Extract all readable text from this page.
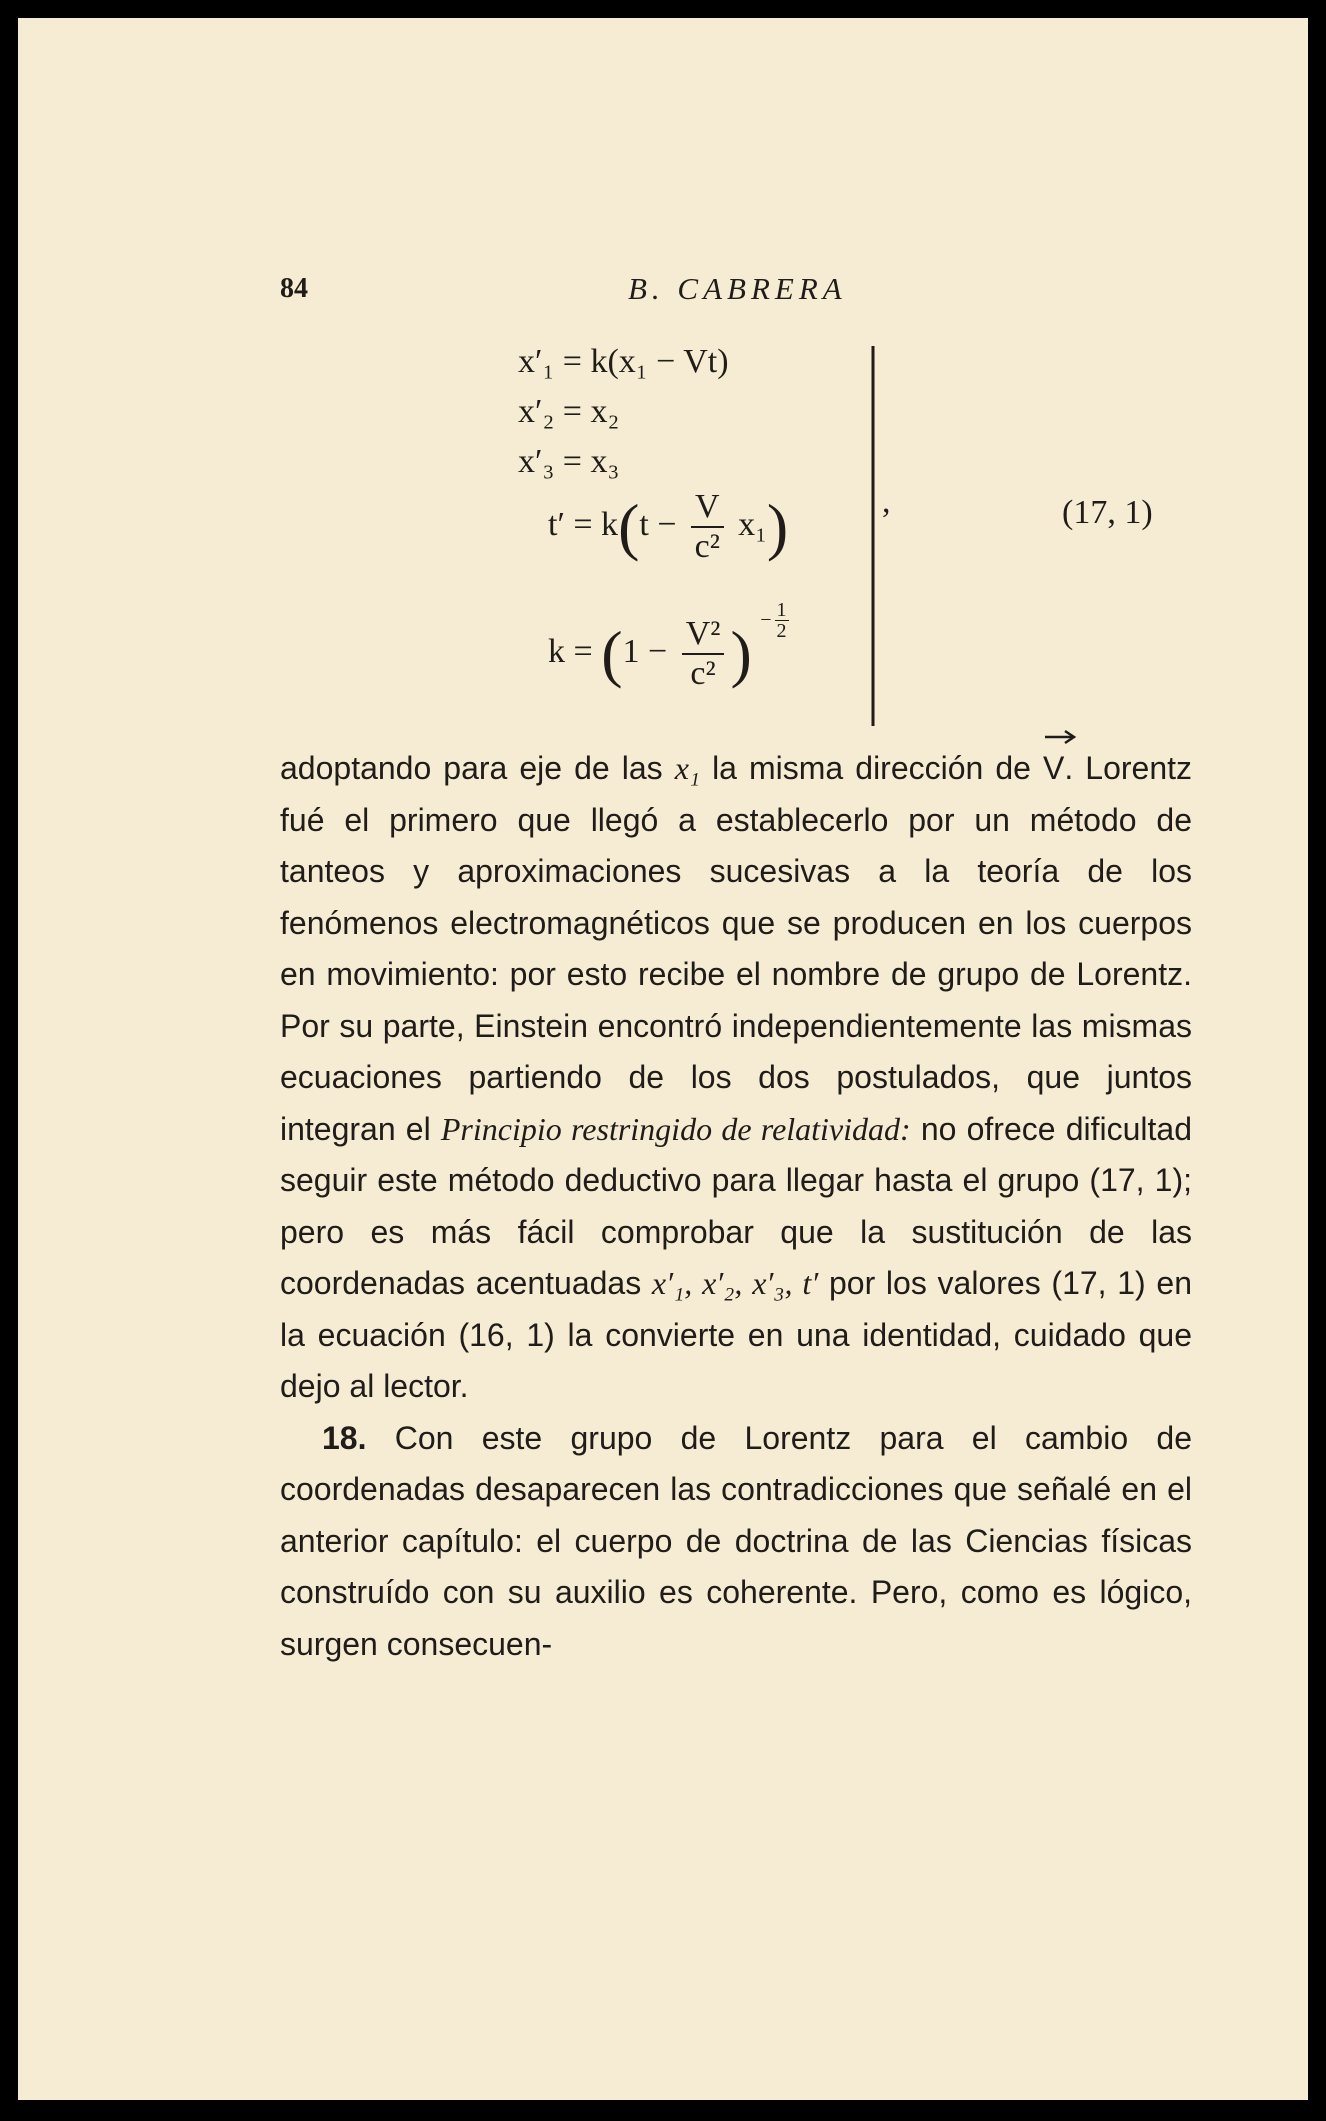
84	B. CABRERA
x′₁ = k(x₁ − Vt)
x′₂ = x₂
x′₃ = x₃
$t' = k(t - \frac{V}{\text{c²}} x_1)$
$k = (1 - \frac{\text{V²}}{\text{c²}}$ ) − $\frac{1}{2}$
,	(17, 1)

adoptando para eje de las x₁ la misma dirección de
V. Lorentz fué el primero que llegó a establecerlo por un método de tanteos y aproximaciones sucesivas a la teoría de los fenómenos electromagnéticos que se producen en los cuerpos en movimiento: por esto recibe el nombre de grupo de Lorentz. Por su parte, Einstein encontró independientemente las mismas ecuaciones partiendo de los dos postulados, que juntos integran el Principio restringido de relatividad: no ofrece dificultad seguir este método deductivo para llegar hasta el grupo (17, 1); pero es más fácil comprobar que la sustitución de las coordenadas acentuadas x′₁, x′₂, x′₃, t′ por los valores (17, 1) en la ecuación (16, 1) la convierte en una identidad, cuidado que dejo al lector.

18. Con este grupo de Lorentz para el cambio de coordenadas desaparecen las contradicciones que señalé en el anterior capítulo: el cuerpo de doctrina de las Ciencias físicas construído con su auxilio es coherente. Pero, como es lógico, surgen consecuen-
